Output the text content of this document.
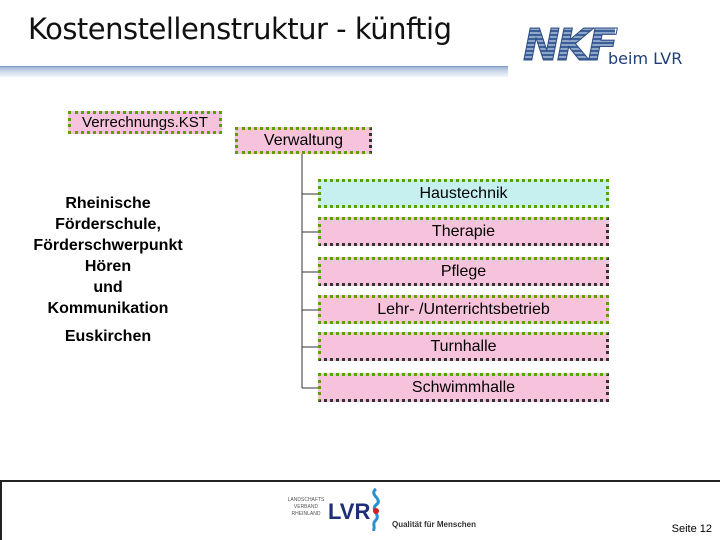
Kostenstellenstruktur - künftig NKF
beim LVR
Verrechnungs.KST
Rheinische
Förderschule,
Förderschwerpunkt
Hören
und
Kommunikation
Euskirchen
Verwaltung
Haustechnik
Therapie
Pflege
Lehr- /Unterrichtsbetrieb
Turnhalle
Schwimmhalle
LANDSCHAFTS
VERBAND
RHEINLAND LVR
Qualität für Menschen	Seite 12
